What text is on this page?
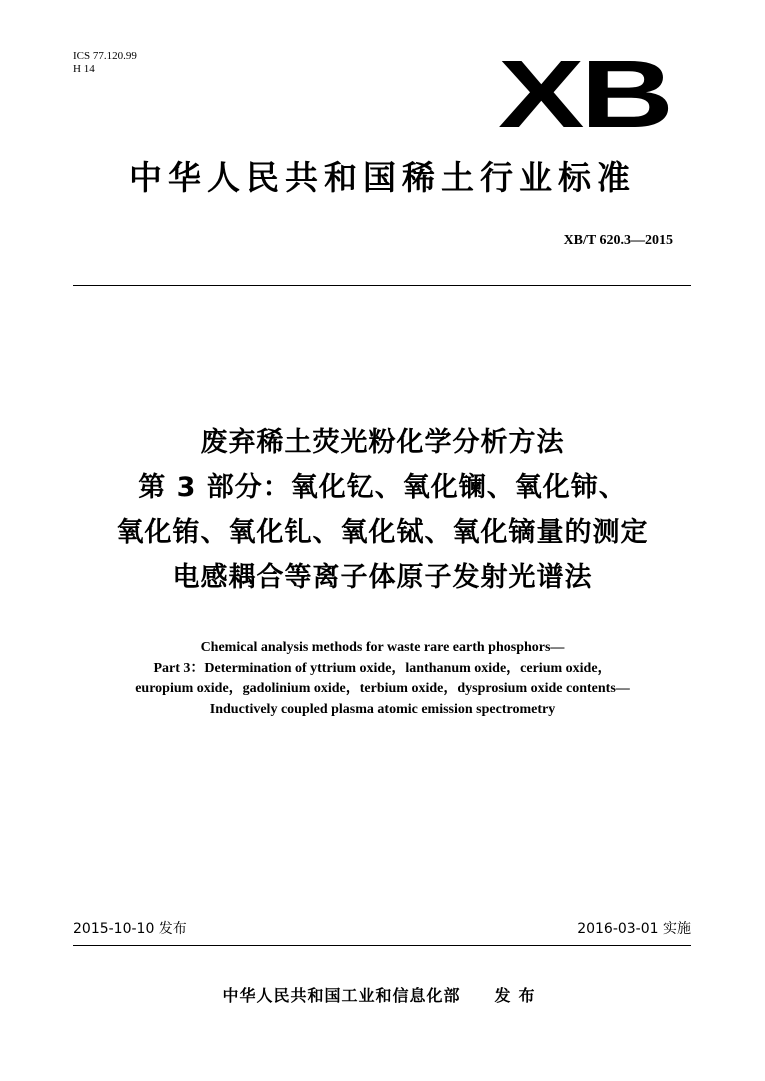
ICS 77.120.99
H 14	XB
中华人民共和国稀土行业标准
XB/T 620.3—2015
废弃稀土荧光粉化学分析方法
第 3 部分：氧化钇、氧化镧、氧化铈、
氧化铕、氧化钆、氧化铽、氧化镝量的测定
电感耦合等离子体原子发射光谱法
Chemical analysis methods for waste rare earth phosphors—
Part 3：Determination of yttrium oxide，lanthanum oxide，cerium oxide，
europium oxide，gadolinium oxide，terbium oxide，dysprosium oxide contents—
Inductively coupled plasma atomic emission spectrometry
2015-10-10 发布	2016-03-01 实施
中华人民共和国工业和信息化部 发布
